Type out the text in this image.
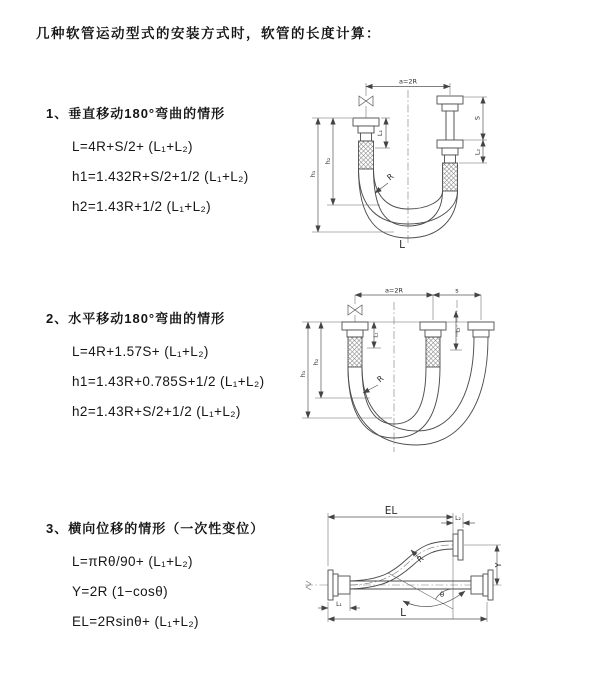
几种软管运动型式的安装方式时，软管的长度计算：
1、垂直移动180°弯曲的情形
L=4R+S/2+ (L₁+L₂)
h1=1.432R+S/2+1/2 (L₁+L₂)
h2=1.43R+1/2 (L₁+L₂)
a=2R
L₁
S
L₂
h₁
h₂
R
L
2、水平移动180°弯曲的情形
L=4R+1.57S+ (L₁+L₂)
h1=1.43R+0.785S+1/2 (L₁+L₂)
h2=1.43R+S/2+1/2 (L₁+L₂)
a=2R	s
h₁
h₂
L₁
L₂
R
3、横向位移的情形（一次性变位）
L=πRθ/90+ (L₁+L₂)
Y=2R (1−cosθ)
EL=2Rsinθ+ (L₁+L₂)
EL
L₂
Y
L
L₁
R
θ
